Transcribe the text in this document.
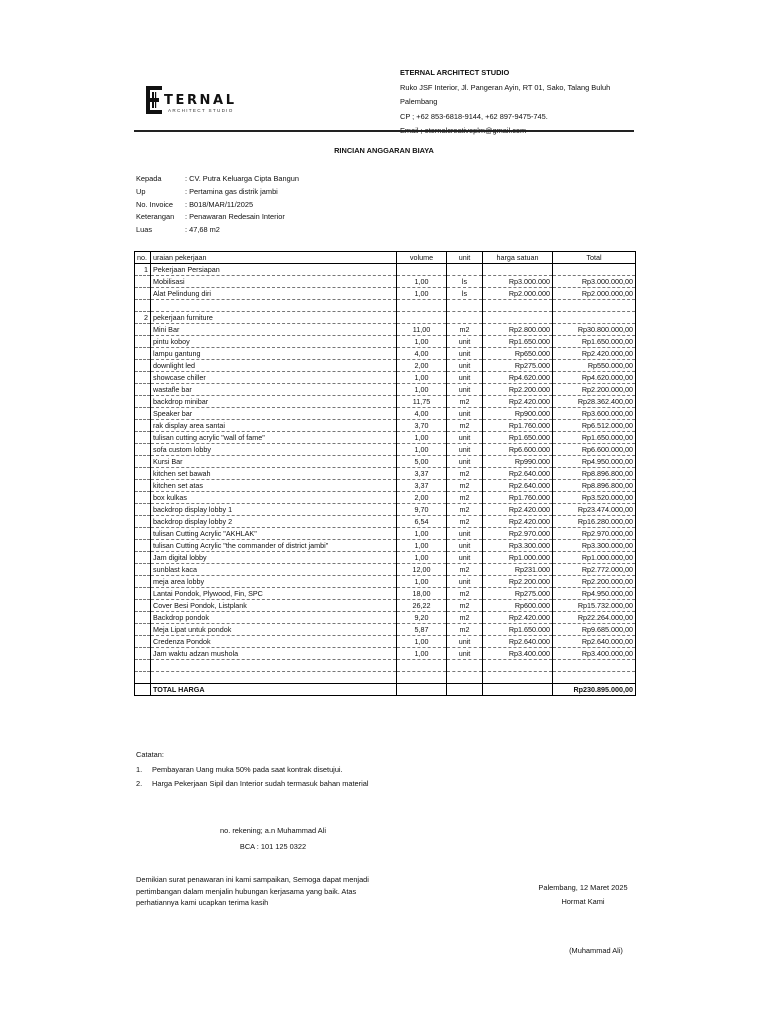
TERNAL
ARCHITECT STUDIO
ETERNAL ARCHITECT STUDIO
Ruko JSF Interior, Jl. Pangeran Ayin, RT 01, Sako, Talang Buluh
Palembang
CP ; +62 853-6818-9144, +62 897-9475-745.
RINCIAN ANGGARAN BIAYA
Kepada	: CV. Putra Keluarga Cipta Bangun
Up	: Pertamina gas distrik jambi
No. Invoice	: B018/MAR/11/2025
Keterangan	: Penawaran Redesain Interior
Luas	: 47,68 m2
no.	uraian pekerjaan	volume	unit	harga satuan	Total
1	Pekerjaan Persiapan				
	Mobilisasi	1,00	ls	Rp3.000.000	Rp3.000.000,00
	Alat Pelindung diri	1,00	ls	Rp2.000.000	Rp2.000.000,00

2	pekerjaan furniture				
	Mini Bar	11,00	m2	Rp2.800.000	Rp30.800.000,00
	pintu koboy	1,00	unit	Rp1.650.000	Rp1.650.000,00
	lampu gantung	4,00	unit	Rp650.000	Rp2.420.000,00
	downlight led	2,00	unit	Rp275.000	Rp550.000,00
	showcase chiller	1,00	unit	Rp4.620.000	Rp4.620.000,00
	wastafle bar	1,00	unit	Rp2.200.000	Rp2.200.000,00
	backdrop minibar	11,75	m2	Rp2.420.000	Rp28.362.400,00
	Speaker bar	4,00	unit	Rp900.000	Rp3.600.000,00
	rak display area santai	3,70	m2	Rp1.760.000	Rp6.512.000,00
	tulisan cutting acrylic "wall of fame"	1,00	unit	Rp1.650.000	Rp1.650.000,00
	sofa custom lobby	1,00	unit	Rp6.600.000	Rp6.600.000,00
	Kursi Bar	5,00	unit	Rp990.000	Rp4.950.000,00
	kitchen set bawah	3,37	m2	Rp2.640.000	Rp8.896.800,00
	kitchen set atas	3,37	m2	Rp2.640.000	Rp8.896.800,00
	box kulkas	2,00	m2	Rp1.760.000	Rp3.520.000,00
	backdrop display lobby 1	9,70	m2	Rp2.420.000	Rp23.474.000,00
	backdrop display lobby 2	6,54	m2	Rp2.420.000	Rp16.280.000,00
	tulisan Cutting Acrylic "AKHLAK"	1,00	unit	Rp2.970.000	Rp2.970.000,00
	tulisan Cutting Acrylic "the commander of district jambi"	1,00	unit	Rp3.300.000	Rp3.300.000,00
	Jam digital lobby	1,00	unit	Rp1.000.000	Rp1.000.000,00
	sunblast kaca	12,00	m2	Rp231.000	Rp2.772.000,00
	meja area lobby	1,00	unit	Rp2.200.000	Rp2.200.000,00
	Lantai Pondok, Plywood, Fin, SPC	18,00	m2	Rp275.000	Rp4.950.000,00
	Cover Besi Pondok, Listplank	26,22	m2	Rp600.000	Rp15.732.000,00
	Backdrop pondok	9,20	m2	Rp2.420.000	Rp22.264.000,00
	Meja Lipat untuk pondok	5,87	m2	Rp1.650.000	Rp9.685.000,00
	Credenza Pondok	1,00	unit	Rp2.640.000	Rp2.640.000,00
	Jam waktu adzan mushola	1,00	unit	Rp3.400.000	Rp3.400.000,00

	TOTAL HARGA				Rp230.895.000,00
Catatan:
1. Pembayaran Uang muka 50% pada saat kontrak disetujui.
2. Harga Pekerjaan Sipil dan Interior sudah termasuk bahan material
no. rekening; a.n Muhammad Ali
BCA : 101 125 0322
Demikian surat penawaran ini kami sampaikan, Semoga dapat menjadi
pertimbangan dalam menjalin hubungan kerjasama yang baik. Atas
perhatiannya kami ucapkan terima kasih
Palembang, 12 Maret 2025
Hormat Kami
(Muhammad Ali)
